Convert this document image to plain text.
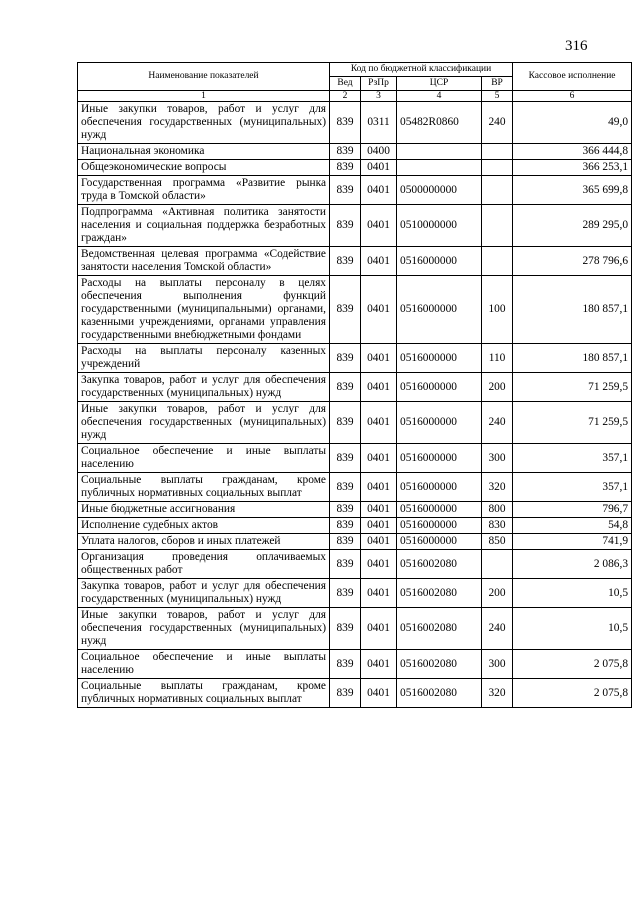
316
Наименование показателей	Код по бюджетной классификации				Кассовое исполнение
	Вед	РзПр	ЦСР	ВР	
1	2	3	4	5	6
Иные закупки товаров, работ и услуг для обеспечения государственных (муниципальных) нужд	839	0311	05482R0860	240	49,0
Национальная экономика	839	0400			366 444,8
Общеэкономические вопросы	839	0401			366 253,1
Государственная программа «Развитие рынка труда в Томской области»	839	0401	0500000000		365 699,8
Подпрограмма «Активная политика занятости населения и социальная поддержка безработных граждан»	839	0401	0510000000		289 295,0
Ведомственная целевая программа «Содействие занятости населения Томской области»	839	0401	0516000000		278 796,6
Расходы на выплаты персоналу в целях обеспечения выполнения функций государственными (муниципальными) органами, казенными учреждениями, органами управления государственными внебюджетными фондами	839	0401	0516000000	100	180 857,1
Расходы на выплаты персоналу казенных учреждений	839	0401	0516000000	110	180 857,1
Закупка товаров, работ и услуг для обеспечения государственных (муниципальных) нужд	839	0401	0516000000	200	71 259,5
Иные закупки товаров, работ и услуг для обеспечения государственных (муниципальных) нужд	839	0401	0516000000	240	71 259,5
Социальное обеспечение и иные выплаты населению	839	0401	0516000000	300	357,1
Социальные выплаты гражданам, кроме публичных нормативных социальных выплат	839	0401	0516000000	320	357,1
Иные бюджетные ассигнования	839	0401	0516000000	800	796,7
Исполнение судебных актов	839	0401	0516000000	830	54,8
Уплата налогов, сборов и иных платежей	839	0401	0516000000	850	741,9
Организация проведения оплачиваемых общественных работ	839	0401	0516002080		2 086,3
Закупка товаров, работ и услуг для обеспечения государственных (муниципальных) нужд	839	0401	0516002080	200	10,5
Иные закупки товаров, работ и услуг для обеспечения государственных (муниципальных) нужд	839	0401	0516002080	240	10,5
Социальное обеспечение и иные выплаты населению	839	0401	0516002080	300	2 075,8
Социальные выплаты гражданам, кроме публичных нормативных социальных выплат	839	0401	0516002080	320	2 075,8
